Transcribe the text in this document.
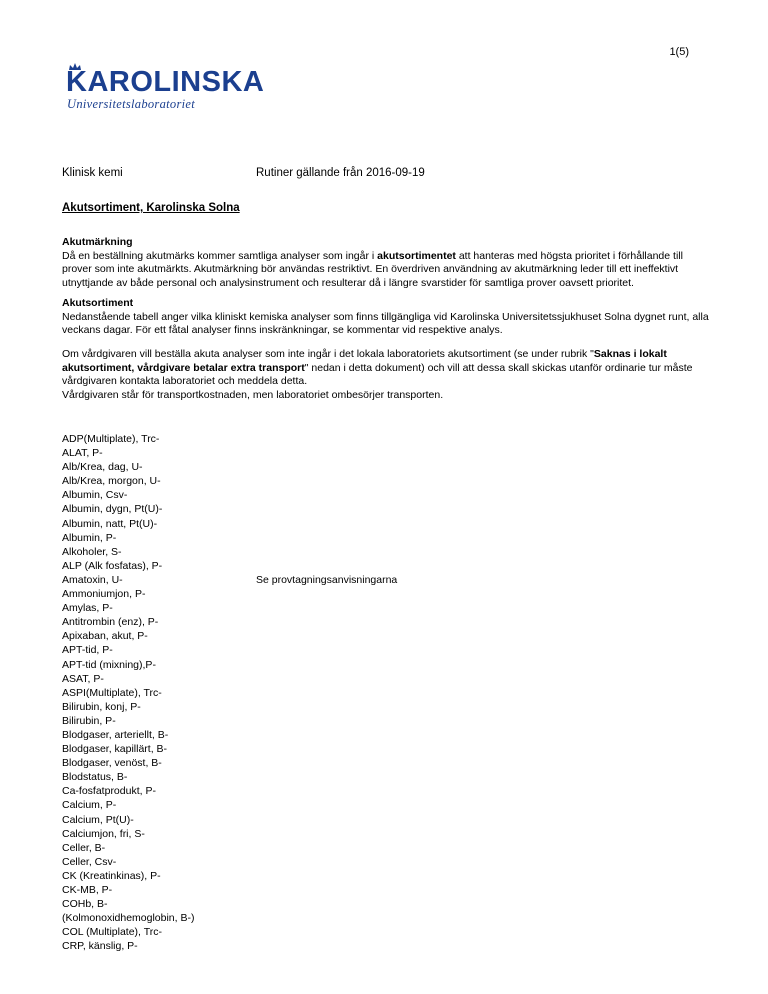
1(5)
KAROLINSKA
Universitetslaboratoriet
Klinisk kemi	Rutiner gällande från 2016-09-19
Akutsortiment, Karolinska Solna
Akutmärkning

Då en beställning akutmärks kommer samtliga analyser som ingår i akutsortimentet att hanteras med högsta prioritet i förhållande till prover som inte akutmärkts. Akutmärkning bör användas restriktivt. En överdriven användning av akutmärkning leder till ett ineffektivt utnyttjande av både personal och analysinstrument och resulterar då i längre svarstider för samtliga prover oavsett prioritet.

Akutsortiment

Nedanstående tabell anger vilka kliniskt kemiska analyser som finns tillgängliga vid Karolinska Universitetssjukhuset Solna dygnet runt, alla veckans dagar. För ett fåtal analyser finns inskränkningar, se kommentar vid respektive analys.

Om vårdgivaren vill beställa akuta analyser som inte ingår i det lokala laboratoriets akutsortiment (se under rubrik "Saknas i lokalt akutsortiment, vårdgivare betalar extra transport" nedan i detta dokument) och vill att dessa skall skickas utanför ordinarie tur måste vårdgivaren kontakta laboratoriet och meddela detta.

Vårdgivaren står för transportkostnaden, men laboratoriet ombesörjer transporten.

ADP(Multiplate), Trc-
ALAT, P-
Alb/Krea, dag, U-
Alb/Krea, morgon, U-
Albumin, Csv-
Albumin, dygn, Pt(U)-
Albumin, natt, Pt(U)-
Albumin, P-
Alkoholer, S-
ALP (Alk fosfatas), P-
Amatoxin, U-	Se provtagningsanvisningarna
Ammoniumjon, P-
Amylas, P-
Antitrombin (enz), P-
Apixaban, akut, P-
APT-tid, P-
APT-tid (mixning),P-
ASAT, P-
ASPI(Multiplate), Trc-
Bilirubin, konj, P-
Bilirubin, P-
Blodgaser, arteriellt, B-
Blodgaser, kapillärt, B-
Blodgaser, venöst, B-
Blodstatus, B-
Ca-fosfatprodukt, P-
Calcium, P-
Calcium, Pt(U)-
Calciumjon, fri, S-
Celler, B-
Celler, Csv-
CK (Kreatinkinas), P-
CK-MB, P-
COHb, B-
(Kolmonoxidhemoglobin, B-)
COL (Multiplate), Trc-
CRP, känslig, P-
